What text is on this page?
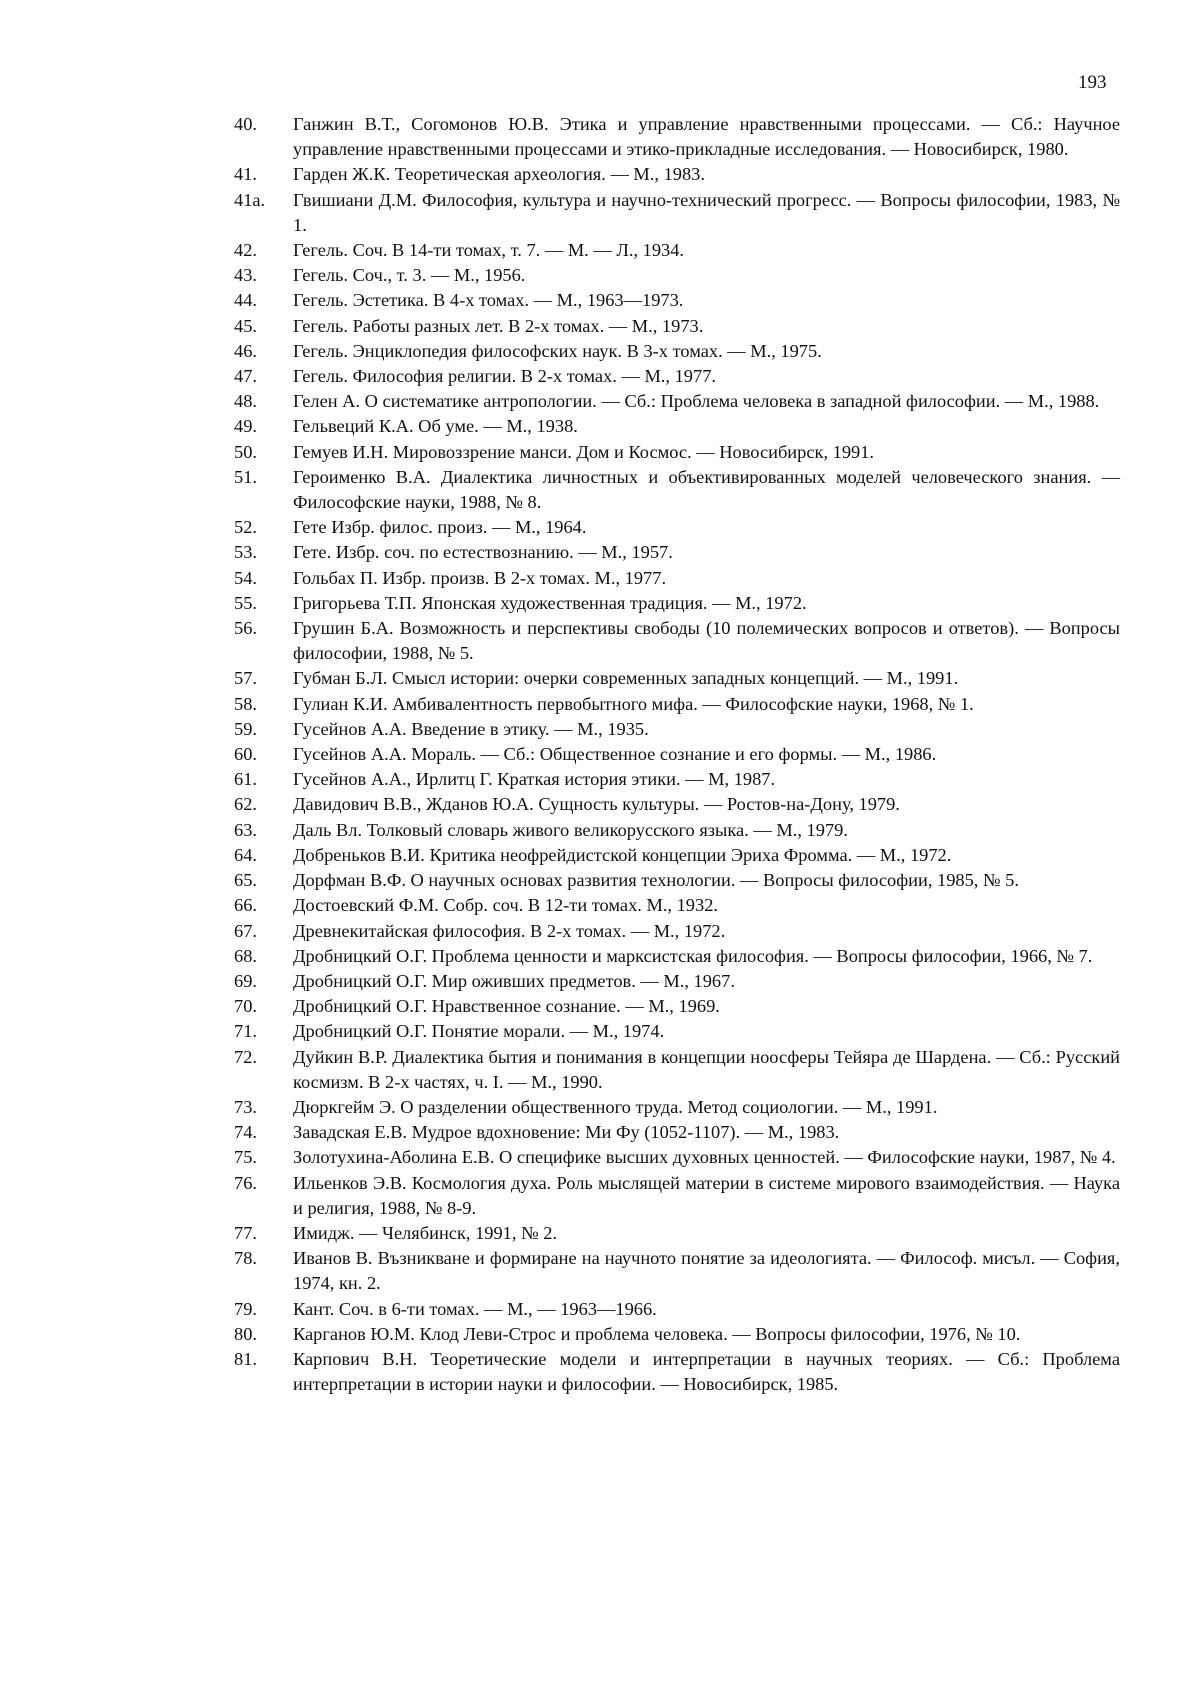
193
40.	Ганжин В.Т., Согомонов Ю.В. Этика и управление нравственными процессами. — Сб.: Научное управление нравственными процессами и этико-прикладные исследования. — Новосибирск, 1980.
41.	Гарден Ж.К. Теоретическая археология. — М., 1983.
41а.	Гвишиани Д.М. Философия, культура и научно-технический прогресс. — Вопросы философии, 1983, № 1.
42.	Гегель. Соч. В 14-ти томах, т. 7. — М. — Л., 1934.
43.	Гегель. Соч., т. 3. — М., 1956.
44.	Гегель. Эстетика. В 4-х томах. — М., 1963—1973.
45.	Гегель. Работы разных лет. В 2-х томах. — М., 1973.
46.	Гегель. Энциклопедия философских наук. В 3-х томах. — М., 1975.
47.	Гегель. Философия религии. В 2-х томах. — М., 1977.
48.	Гелен А. О систематике антропологии. — Сб.: Проблема человека в западной философии. — М., 1988.
49.	Гельвеций К.А. Об уме. — М., 1938.
50.	Гемуев И.Н. Мировоззрение манси. Дом и Космос. — Новосибирск, 1991.
51.	Героименко В.А. Диалектика личностных и объективированных моделей человеческого знания. — Философские науки, 1988, № 8.
52.	Гете Избр. филос. произ. — М., 1964.
53.	Гете. Избр. соч. по естествознанию. — М., 1957.
54.	Гольбах П. Избр. произв. В 2-х томах. М., 1977.
55.	Григорьева Т.П. Японская художественная традиция. — М., 1972.
56.	Грушин Б.А. Возможность и перспективы свободы (10 полемических вопросов и ответов). — Вопросы философии, 1988, № 5.
57.	Губман Б.Л. Смысл истории: очерки современных западных концепций. — М., 1991.
58.	Гулиан К.И. Амбивалентность первобытного мифа. — Философские науки, 1968, № 1.
59.	Гусейнов А.А. Введение в этику. — М., 1935.
60.	Гусейнов А.А. Мораль. — Сб.: Общественное сознание и его формы. — М., 1986.
61.	Гусейнов А.А., Ирлитц Г. Краткая история этики. — М, 1987.
62.	Давидович В.В., Жданов Ю.А. Сущность культуры. — Ростов-на-Дону, 1979.
63.	Даль Вл. Толковый словарь живого великорусского языка. — М., 1979.
64.	Добреньков В.И. Критика неофрейдистской концепции Эриха Фромма. — М., 1972.
65.	Дорфман В.Ф. О научных основах развития технологии. — Вопросы философии, 1985, № 5.
66.	Достоевский Ф.М. Собр. соч. В 12-ти томах. М., 1932.
67.	Древнекитайская философия. В 2-х томах. — М., 1972.
68.	Дробницкий О.Г. Проблема ценности и марксистская философия. — Вопросы философии, 1966, № 7.
69.	Дробницкий О.Г. Мир оживших предметов. — М., 1967.
70.	Дробницкий О.Г. Нравственное сознание. — М., 1969.
71.	Дробницкий О.Г. Понятие морали. — М., 1974.
72.	Дуйкин В.Р. Диалектика бытия и понимания в концепции ноосферы Тейяра де Шардена. — Сб.: Русский космизм. В 2-х частях, ч. I. — М., 1990.
73.	Дюркгейм Э. О разделении общественного труда. Метод социологии. — М., 1991.
74.	Завадская Е.В. Мудрое вдохновение: Ми Фу (1052-1107). — М., 1983.
75.	Золотухина-Аболина Е.В. О специфике высших духовных ценностей. — Философские науки, 1987, № 4.
76.	Ильенков Э.В. Космология духа. Роль мыслящей материи в системе мирового взаимодействия. — Наука и религия, 1988, № 8-9.
77.	Имидж. — Челябинск, 1991, № 2.
78.	Иванов В. Възникване и формиране на научното понятие за идеологията. — Философ. мисъл. — София, 1974, кн. 2.
79.	Кант. Соч. в 6-ти томах. — М., — 1963—1966.
80.	Карганов Ю.М. Клод Леви-Строс и проблема человека. — Вопросы философии, 1976, № 10.
81.	Карпович В.Н. Теоретические модели и интерпретации в научных теориях. — Сб.: Проблема интерпретации в истории науки и философии. — Новосибирск, 1985.
